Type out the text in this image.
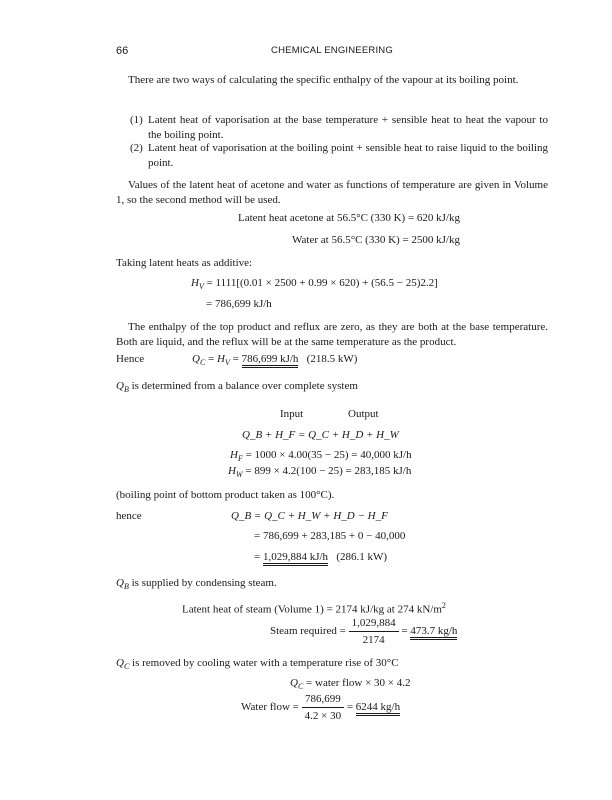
66	CHEMICAL ENGINEERING
There are two ways of calculating the specific enthalpy of the vapour at its boiling point.
(1) Latent heat of vaporisation at the base temperature + sensible heat to heat the vapour to the boiling point.
(2) Latent heat of vaporisation at the boiling point + sensible heat to raise liquid to the boiling point.
Values of the latent heat of acetone and water as functions of temperature are given in Volume 1, so the second method will be used.
Latent heat acetone at 56.5°C (330 K) = 620 kJ/kg
Water at 56.5°C (330 K) = 2500 kJ/kg
Taking latent heats as additive:
$H_V = 1111[(0.01 \times 2500 + 0.99 \times 620) + (56.5 - 25)2.2]$
= 786,699 kJ/h
The enthalpy of the top product and reflux are zero, as they are both at the base temperature. Both are liquid, and the reflux will be at the same temperature as the product.
Hence	$Q_C = H_V = 786,699$ kJ/h (218.5 kW)
$Q_B$ is determined from a balance over complete system
Input	Output
Q_B + H_F = Q_C + H_D + H_W
$H_F = 1000 \times 4.00(35 - 25) = 40,000$ kJ/h
$H_W = 899 \times 4.2(100 - 25) = 283,185$ kJ/h
(boiling point of bottom product taken as 100°C).
hence	Q_B = Q_C + H_W + H_D − H_F
= 786,699 + 283,185 + 0 − 40,000
= 1,029,884 kJ/h (286.1 kW)
$Q_B$ is supplied by condensing steam.
Latent heat of steam (Volume 1) = 2174 kJ/kg at 274 $kN/m^2$
Steam required = $\frac{1,029,884}{2174} = 473.7$ kg/h
$Q_C$ is removed by cooling water with a temperature rise of 30°C
$Q_C$ = water flow × 30 × 4.2
Water flow = $\frac{786,699}{4.2 \times 30} = 6244$ kg/h
